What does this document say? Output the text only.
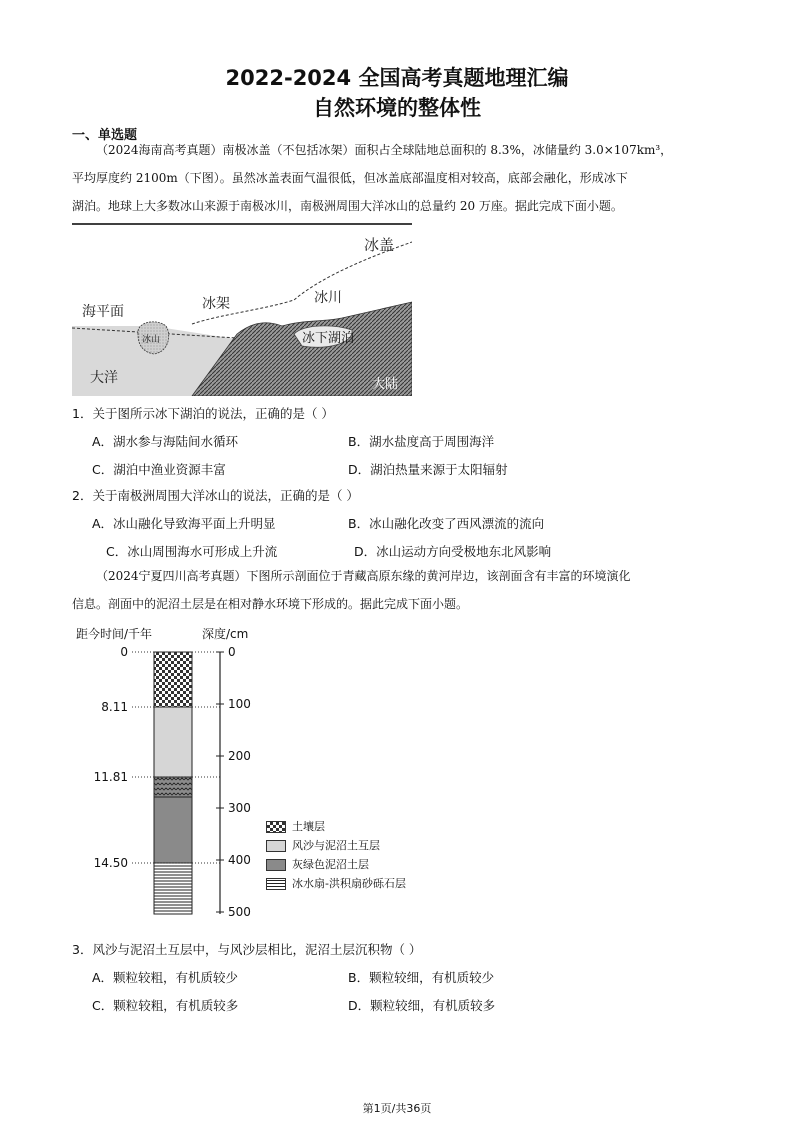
2022-2024 全国高考真题地理汇编
自然环境的整体性
一、单选题
（2024海南高考真题）南极冰盖（不包括冰架）面积占全球陆地总面积的 8.3%，冰储量约 3.0×107km³，
平均厚度约 2100m（下图）。虽然冰盖表面气温很低，但冰盖底部温度相对较高，底部会融化，形成冰下
湖泊。地球上大多数冰山来源于南极冰川，南极洲周围大洋冰山的总量约 20 万座。据此完成下面小题。
冰盖
海平面	冰架	冰川
冰山	冰下湖泊
大洋	大陆
1．关于图所示冰下湖泊的说法，正确的是（ ）
A．湖水参与海陆间水循环	B．湖水盐度高于周围海洋
C．湖泊中渔业资源丰富	D．湖泊热量来源于太阳辐射
2．关于南极洲周围大洋冰山的说法，正确的是（ ）
A．冰山融化导致海平面上升明显	B．冰山融化改变了西风漂流的流向
C．冰山周围海水可形成上升流	D．冰山运动方向受极地东北风影响
（2024宁夏四川高考真题）下图所示剖面位于青藏高原东缘的黄河岸边，该剖面含有丰富的环境演化
信息。剖面中的泥沼土层是在相对静水环境下形成的。据此完成下面小题。
距今时间/千年	深度/cm
0
100
200
300
400
500
0
8.11
11.81
14.50
土壤层
风沙与泥沼土互层
灰绿色泥沼土层
冰水扇-洪积扇砂砾石层
3．风沙与泥沼土互层中，与风沙层相比，泥沼土层沉积物（ ）
A．颗粒较粗，有机质较少	B．颗粒较细，有机质较少
C．颗粒较粗，有机质较多	D．颗粒较细，有机质较多
第1页/共36页
